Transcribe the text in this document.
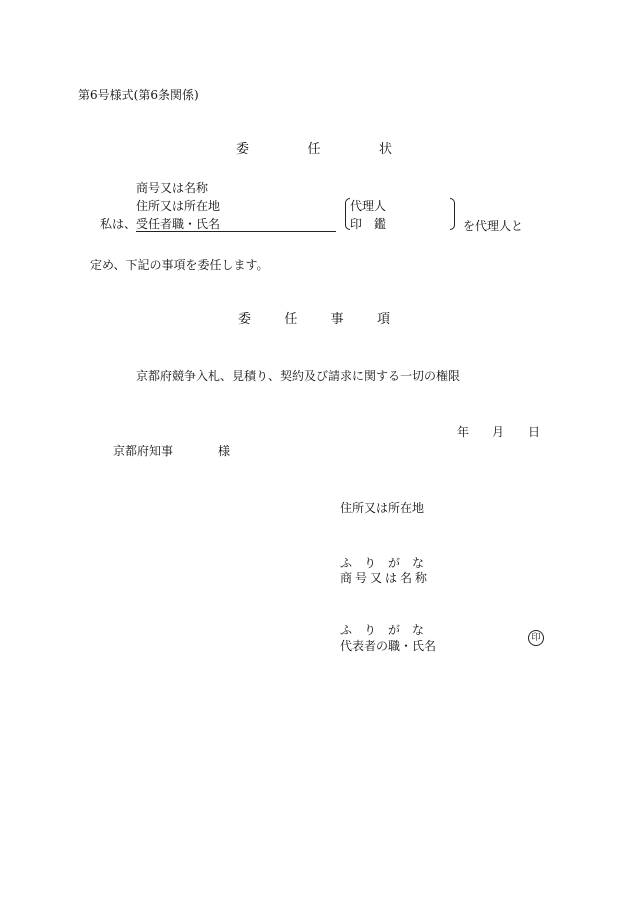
第6号様式(第6条関係)
委	任	状
商号又は名称
住所又は所在地
私は、 受任者職・氏名
代理人
印　鑑	を代理人と
定め、下記の事項を委任します。
委	任	事	項
京都府競争入札、見積り、契約及び請求に関する一切の権限
年 月 日
京都府知事	様
住所又は所在地
ふ　り　が　な
商号又は名称
ふ　り　が　な
代表者の職・氏名
印
